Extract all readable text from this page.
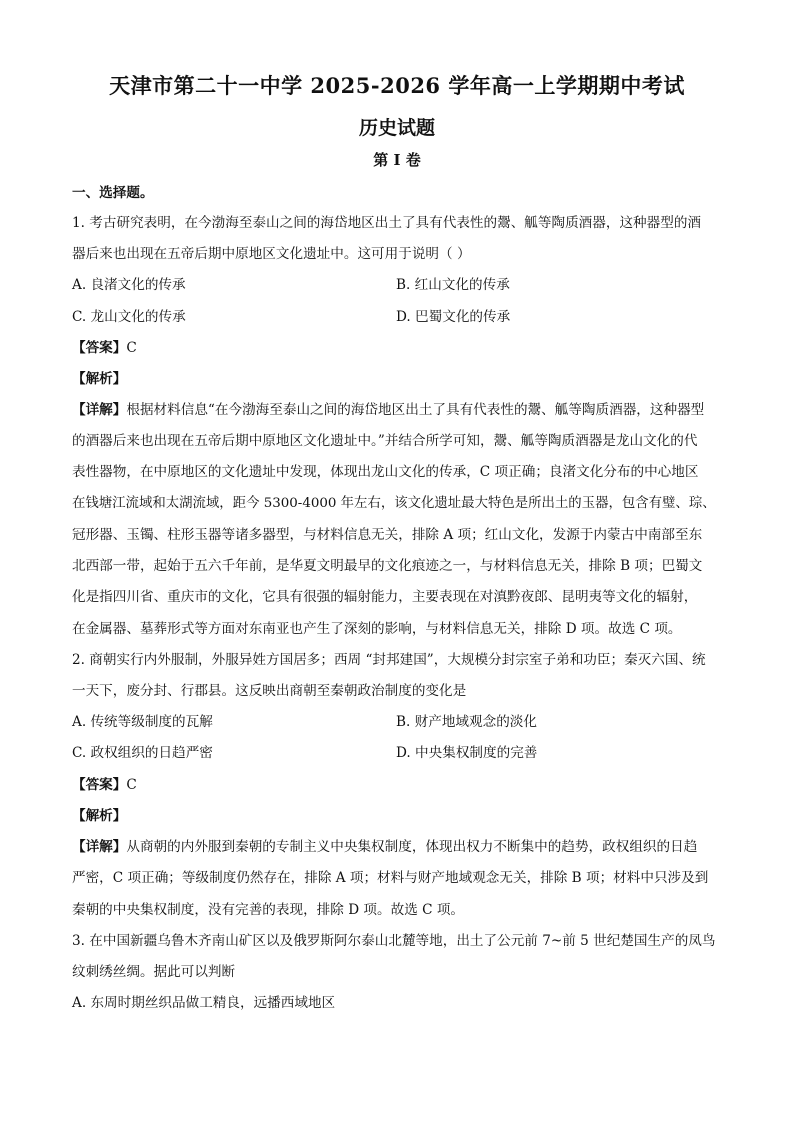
天津市第二十一中学 2025-2026 学年高一上学期期中考试
历史试题
第 I 卷
一、选择题。
1. 考古研究表明，在今渤海至泰山之间的海岱地区出土了具有代表性的鬶、觚等陶质酒器，这种器型的酒
器后来也出现在五帝后期中原地区文化遗址中。这可用于说明（ ）
A. 良渚文化的传承	B. 红山文化的传承
C. 龙山文化的传承	D. 巴蜀文化的传承
【答案】C
【解析】
【详解】根据材料信息“在今渤海至泰山之间的海岱地区出土了具有代表性的鬶、觚等陶质酒器，这种器型
的酒器后来也出现在五帝后期中原地区文化遗址中。”并结合所学可知，鬶、觚等陶质酒器是龙山文化的代
表性器物，在中原地区的文化遗址中发现，体现出龙山文化的传承，C 项正确；良渚文化分布的中心地区
在钱塘江流域和太湖流域，距今 5300-4000 年左右，该文化遗址最大特色是所出土的玉器，包含有璧、琮、
冠形器、玉镯、柱形玉器等诸多器型，与材料信息无关，排除 A 项；红山文化，发源于内蒙古中南部至东
北西部一带，起始于五六千年前，是华夏文明最早的文化痕迹之一，与材料信息无关，排除 B 项；巴蜀文
化是指四川省、重庆市的文化，它具有很强的辐射能力，主要表现在对滇黔夜郎、昆明夷等文化的辐射，
在金属器、墓葬形式等方面对东南亚也产生了深刻的影响，与材料信息无关，排除 D 项。故选 C 项。
2. 商朝实行内外服制，外服异姓方国居多；西周 “封邦建国”，大规模分封宗室子弟和功臣；秦灭六国、统
一天下，废分封、行郡县。这反映出商朝至秦朝政治制度的变化是
A. 传统等级制度的瓦解	B. 财产地域观念的淡化
C. 政权组织的日趋严密	D. 中央集权制度的完善
【答案】C
【解析】
【详解】从商朝的内外服到秦朝的专制主义中央集权制度，体现出权力不断集中的趋势，政权组织的日趋
严密，C 项正确；等级制度仍然存在，排除 A 项；材料与财产地域观念无关，排除 B 项；材料中只涉及到
秦朝的中央集权制度，没有完善的表现，排除 D 项。故选 C 项。
3. 在中国新疆乌鲁木齐南山矿区以及俄罗斯阿尔泰山北麓等地，出土了公元前 7~前 5 世纪楚国生产的凤鸟
纹刺绣丝绸。据此可以判断
A. 东周时期丝织品做工精良，远播西域地区
